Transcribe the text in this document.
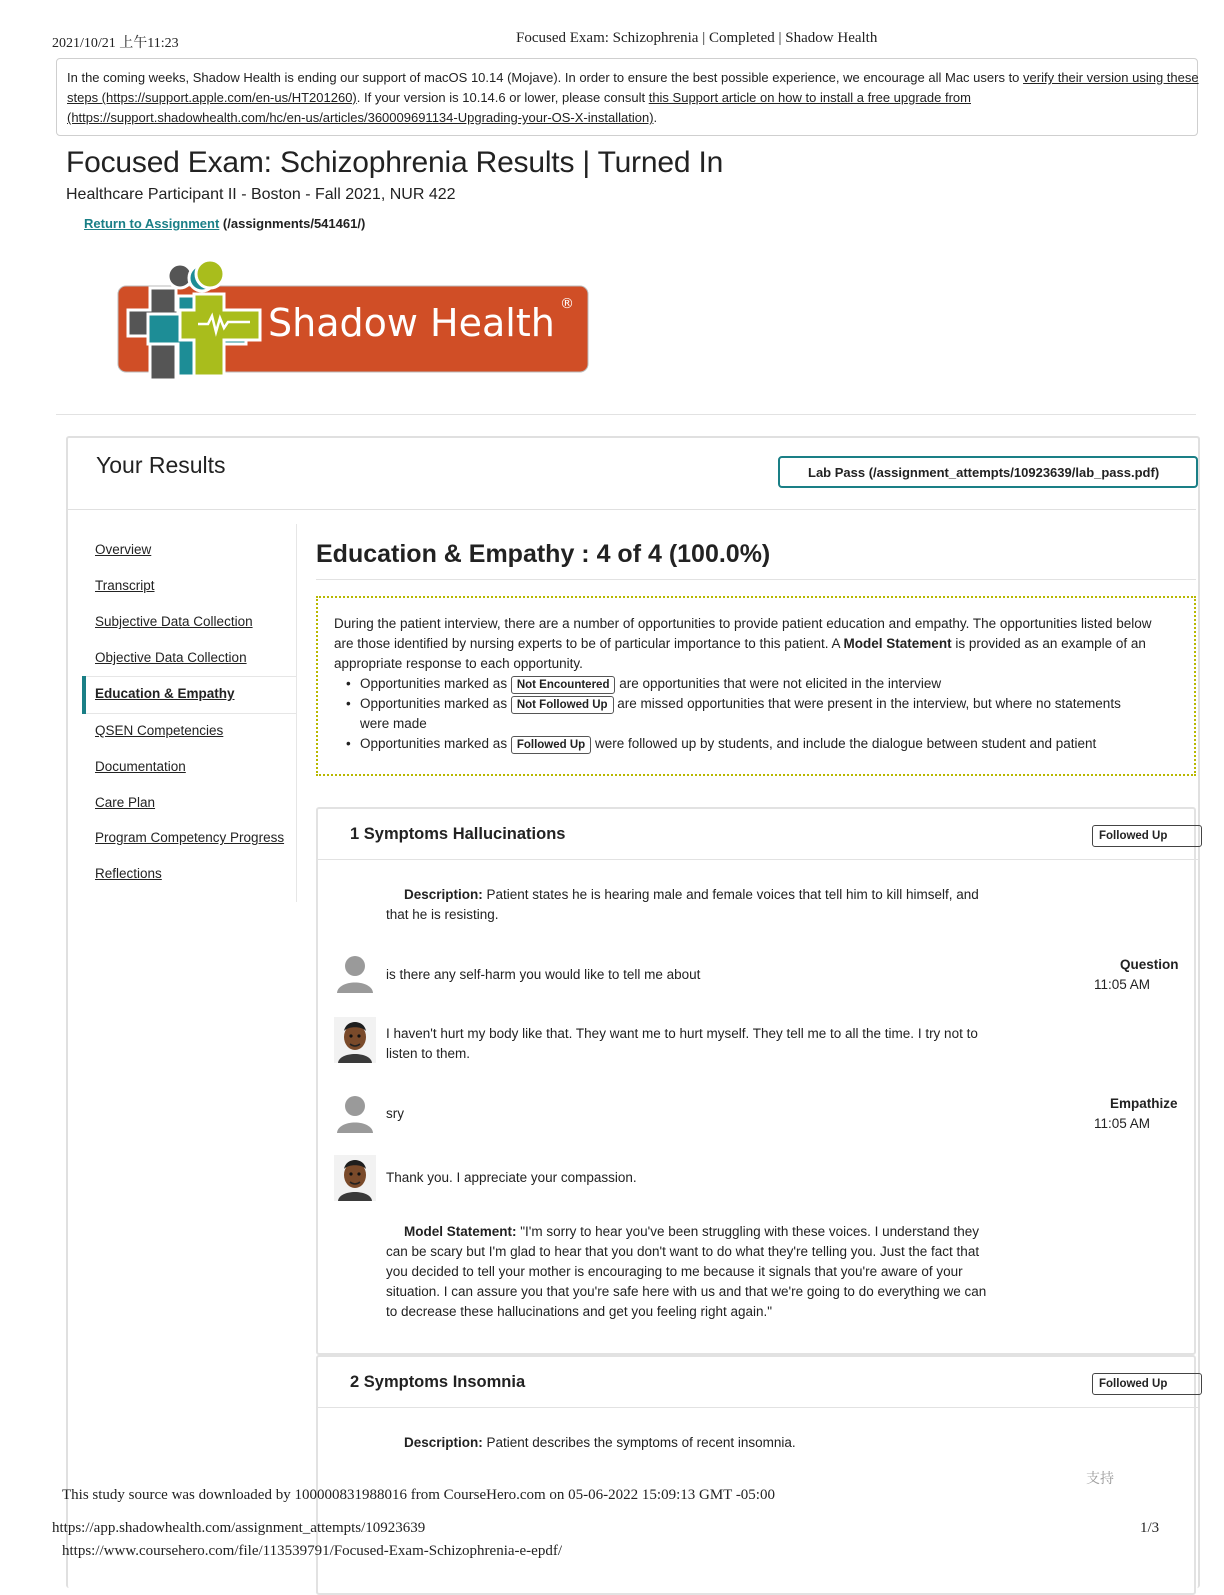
2021/10/21 上午11:23	Focused Exam: Schizophrenia | Completed | Shadow Health
In the coming weeks, Shadow Health is ending our support of macOS 10.14 (Mojave). In order to ensure the best possible experience, we encourage all Mac users to verify their version using these steps (https://support.apple.com/en-us/HT201260). If your version is 10.14.6 or lower, please consult this Support article on how to install a free upgrade from (https://support.shadowhealth.com/hc/en-us/articles/360009691134-Upgrading-your-OS-X-installation).
Focused Exam: Schizophrenia Results | Turned In
Healthcare Participant II - Boston - Fall 2021, NUR 422
Return to Assignment (/assignments/541461/)
Shadow Health ®
Your Results	Lab Pass (/assignment_attempts/10923639/lab_pass.pdf)
Overview
Transcript
Subjective Data Collection
Objective Data Collection
Education & Empathy
QSEN Competencies
Documentation
Care Plan
Program Competency Progress
Reflections
Education & Empathy : 4 of 4 (100.0%)
During the patient interview, there are a number of opportunities to provide patient education and empathy. The opportunities listed below
are those identified by nursing experts to be of particular importance to this patient. A Model Statement is provided as an example of an
appropriate response to each opportunity.
• Opportunities marked as Not Encountered are opportunities that were not elicited in the interview
• Opportunities marked as Not Followed Up are missed opportunities that were present in the interview, but where no statements
were made
• Opportunities marked as Followed Up were followed up by students, and include the dialogue between student and patient
1 Symptoms Hallucinations	Followed Up
Description: Patient states he is hearing male and female voices that tell him to kill himself, and
that he is resisting.
is there any self-harm you would like to tell me about
Question
11:05 AM
I haven't hurt my body like that. They want me to hurt myself. They tell me to all the time. I try not to
listen to them.
sry
Empathize
11:05 AM
Thank you. I appreciate your compassion.
Model Statement: "I'm sorry to hear you've been struggling with these voices. I understand they
can be scary but I'm glad to hear that you don't want to do what they're telling you. Just the fact that
you decided to tell your mother is encouraging to me because it signals that you're aware of your
situation. I can assure you that you're safe here with us and that we're going to do everything we can
to decrease these hallucinations and get you feeling right again."
2 Symptoms Insomnia	Followed Up
Description: Patient describes the symptoms of recent insomnia.
支持
This study source was downloaded by 100000831988016 from CourseHero.com on 05-06-2022 15:09:13 GMT -05:00
https://app.shadowhealth.com/assignment_attempts/10923639	1/3
https://www.coursehero.com/file/113539791/Focused-Exam-Schizophrenia-e-epdf/
